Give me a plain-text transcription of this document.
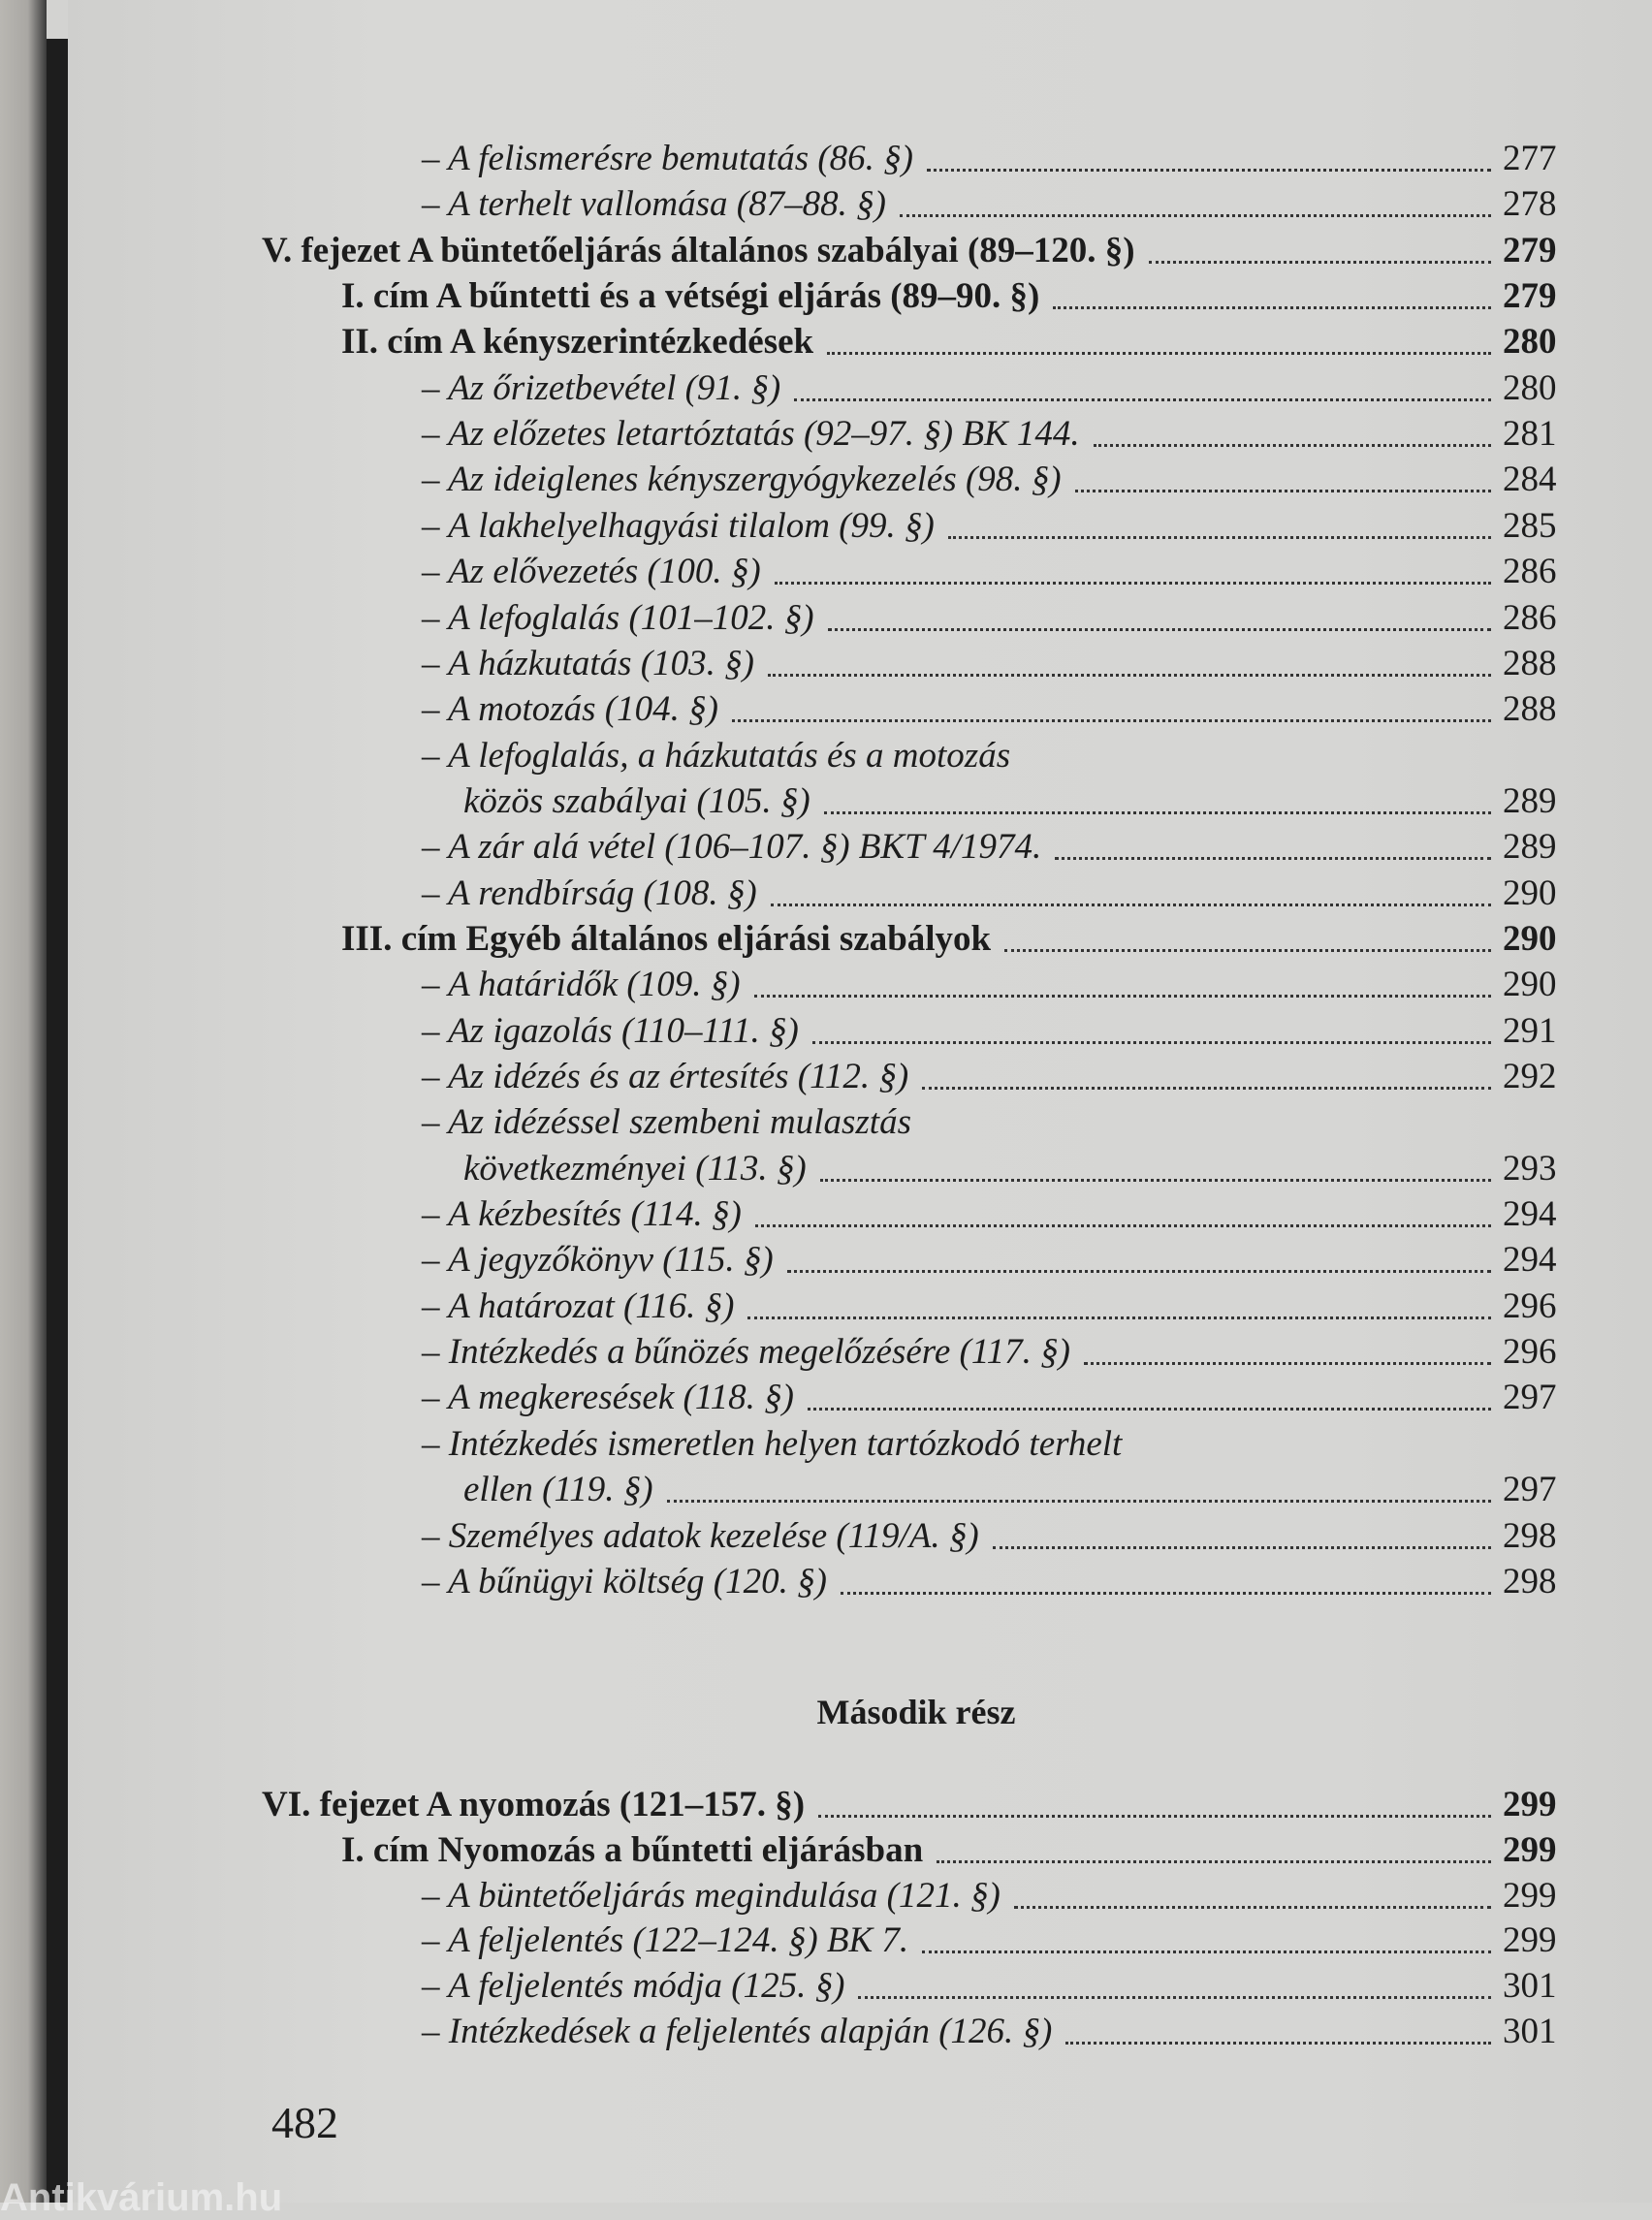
– A felismerésre bemutatás (86. §)	277
– A terhelt vallomása (87–88. §)	278
V. fejezet A büntetőeljárás általános szabályai (89–120. §)	279
I. cím A bűntetti és a vétségi eljárás (89–90. §)	279
II. cím A kényszerintézkedések	280
– Az őrizetbevétel (91. §)	280
– Az előzetes letartóztatás (92–97. §) BK 144.	281
– Az ideiglenes kényszergyógykezelés (98. §)	284
– A lakhelyelhagyási tilalom (99. §)	285
– Az elővezetés (100. §)	286
– A lefoglalás (101–102. §)	286
– A házkutatás (103. §)	288
– A motozás (104. §)	288
– A lefoglalás, a házkutatás és a motozás
közös szabályai (105. §)	289
– A zár alá vétel (106–107. §) BKT 4/1974.	289
– A rendbírság (108. §)	290
III. cím Egyéb általános eljárási szabályok	290
– A határidők (109. §)	290
– Az igazolás (110–111. §)	291
– Az idézés és az értesítés (112. §)	292
– Az idézéssel szembeni mulasztás
következményei (113. §)	293
– A kézbesítés (114. §)	294
– A jegyzőkönyv (115. §)	294
– A határozat (116. §)	296
– Intézkedés a bűnözés megelőzésére (117. §)	296
– A megkeresések (118. §)	297
– Intézkedés ismeretlen helyen tartózkodó terhelt
ellen (119. §)	297
– Személyes adatok kezelése (119/A. §)	298
– A bűnügyi költség (120. §)	298
VI. fejezet A nyomozás (121–157. §)	299
I. cím Nyomozás a bűntetti eljárásban	299
– A büntetőeljárás megindulása (121. §)	299
– A feljelentés (122–124. §) BK 7.	299
– A feljelentés módja (125. §)	301
– Intézkedések a feljelentés alapján (126. §)	301
Második rész
482
Antikvárium.hu
